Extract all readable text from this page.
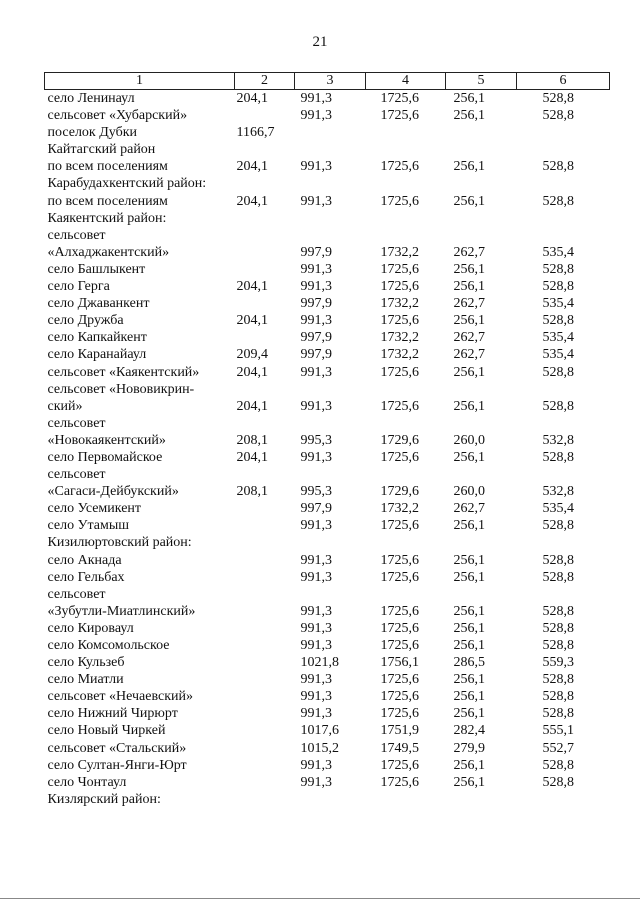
21
1	2	3	4	5	6
село Ленинаул	204,1	991,3	1725,6	256,1	528,8
сельсовет «Хубарский»		991,3	1725,6	256,1	528,8
поселок Дубки	1166,7				
Кайтагский район					
по всем поселениям	204,1	991,3	1725,6	256,1	528,8
Карабудахкентский район:					
по всем поселениям	204,1	991,3	1725,6	256,1	528,8
Каякентский район:					
сельсовет					
«Алхаджакентский»		997,9	1732,2	262,7	535,4
село Башлыкент		991,3	1725,6	256,1	528,8
село Герга	204,1	991,3	1725,6	256,1	528,8
село Джаванкент		997,9	1732,2	262,7	535,4
село Дружба	204,1	991,3	1725,6	256,1	528,8
село Капкайкент		997,9	1732,2	262,7	535,4
село Каранайаул	209,4	997,9	1732,2	262,7	535,4
сельсовет «Каякентский»	204,1	991,3	1725,6	256,1	528,8
сельсовет «Нововикрин-					
ский»	204,1	991,3	1725,6	256,1	528,8
сельсовет					
«Новокаякентский»	208,1	995,3	1729,6	260,0	532,8
село Первомайское	204,1	991,3	1725,6	256,1	528,8
сельсовет					
«Сагаси-Дейбукский»	208,1	995,3	1729,6	260,0	532,8
село Усемикент		997,9	1732,2	262,7	535,4
село Утамыш		991,3	1725,6	256,1	528,8
Кизилюртовский район:					
село Акнада		991,3	1725,6	256,1	528,8
село Гельбах		991,3	1725,6	256,1	528,8
сельсовет					
«Зубутли-Миатлинский»		991,3	1725,6	256,1	528,8
село Кироваул		991,3	1725,6	256,1	528,8
село Комсомольское		991,3	1725,6	256,1	528,8
село Кульзеб		1021,8	1756,1	286,5	559,3
село Миатли		991,3	1725,6	256,1	528,8
сельсовет «Нечаевский»		991,3	1725,6	256,1	528,8
село Нижний Чирюрт		991,3	1725,6	256,1	528,8
село Новый Чиркей		1017,6	1751,9	282,4	555,1
сельсовет «Стальский»		1015,2	1749,5	279,9	552,7
село Султан-Янги-Юрт		991,3	1725,6	256,1	528,8
село Чонтаул		991,3	1725,6	256,1	528,8
Кизлярский район:					
